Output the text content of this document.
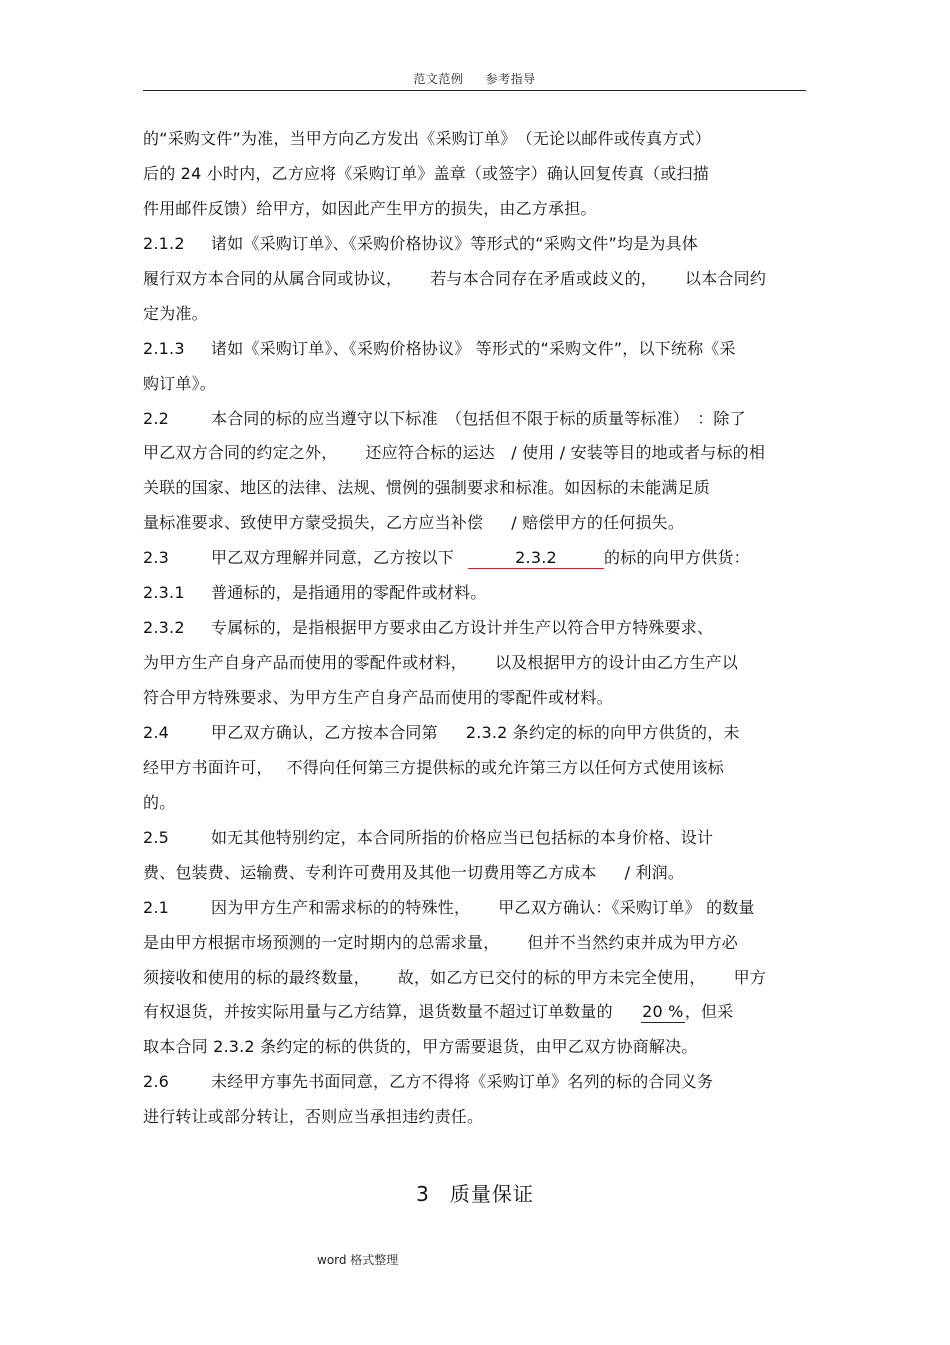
范文范例 参考指导
的“采购文件”为准，当甲方向乙方发出《采购订单》　（无论以邮件或传真方式）
后的 24 小时内，乙方应将《采购订单》盖章（或签字）确认回复传真（或扫描
件用邮件反馈）给甲方，如因此产生甲方的损失，由乙方承担。
2.1.2 诸如《采购订单》、《采购价格协议》等形式的“采购文件”均是为具体
履行双方本合同的从属合同或协议， 若与本合同存在矛盾或歧义的， 以本合同约
定为准。
2.1.3 诸如《采购订单》、《采购价格协议》 等形式的“采购文件”，以下统称《采
购订单》。
2.2	本合同的标的应当遵守以下标准　（包括但不限于标的质量等标准）　：除了
甲乙双方合同的约定之外， 还应符合标的运达　/ 使用 / 安装等目的地或者与标的相
关联的国家、地区的法律、法规、惯例的强制要求和标准。如因标的未能满足质
量标准要求、致使甲方蒙受损失，乙方应当补偿 / 赔偿甲方的任何损失。
2.3	甲乙双方理解并同意，乙方按以下	2.3.2	的标的向甲方供货：
2.3.1 普通标的，是指通用的零配件或材料。
2.3.2 专属标的，是指根据甲方要求由乙方设计并生产以符合甲方特殊要求、
为甲方生产自身产品而使用的零配件或材料， 以及根据甲方的设计由乙方生产以
符合甲方特殊要求、为甲方生产自身产品而使用的零配件或材料。
2.4	甲乙双方确认，乙方按本合同第 2.3.2 条约定的标的向甲方供货的，未
经甲方书面许可， 不得向任何第三方提供标的或允许第三方以任何方式使用该标
的。
2.5	如无其他特别约定，本合同所指的价格应当已包括标的本身价格、设计
费、包装费、运输费、专利许可费用及其他一切费用等乙方成本 / 利润。
2.1	因为甲方生产和需求标的的特殊性， 甲乙双方确认：《采购订单》 的数量
是由甲方根据市场预测的一定时期内的总需求量， 但并不当然约束并成为甲方必
须接收和使用的标的最终数量， 故，如乙方已交付的标的甲方未完全使用， 甲方
有权退货，并按实际用量与乙方结算，退货数量不超过订单数量的 20 %，但采
取本合同 2.3.2 条约定的标的供货的，甲方需要退货，由甲乙双方协商解决。
2.6	未经甲方事先书面同意，乙方不得将《采购订单》名列的标的合同义务
进行转让或部分转让，否则应当承担违约责任。
3 质量保证
word 格式整理
